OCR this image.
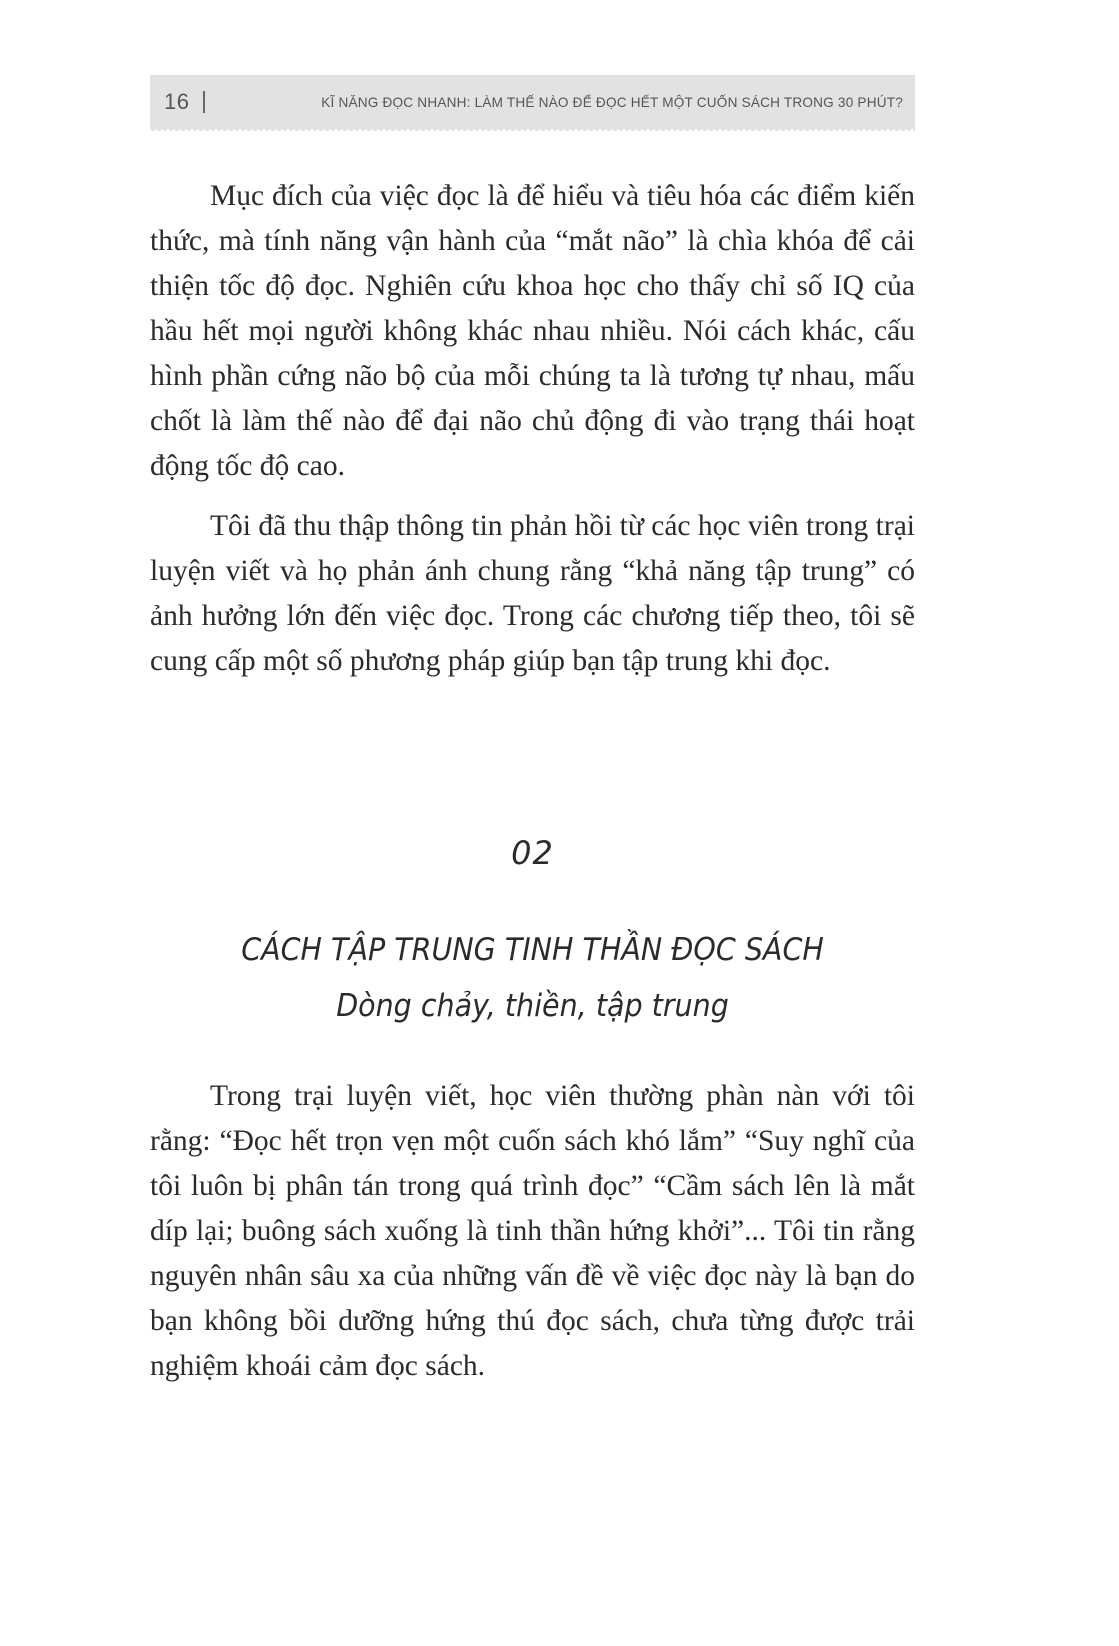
16	KĨ NĂNG ĐỌC NHANH: LÀM THẾ NÀO ĐỂ ĐỌC HẾT MỘT CUỐN SÁCH TRONG 30 PHÚT?

Mục đích của việc đọc là để hiểu và tiêu hóa các điểm kiến thức, mà tính năng vận hành của “mắt não” là chìa khóa để cải thiện tốc độ đọc. Nghiên cứu khoa học cho thấy chỉ số IQ của hầu hết mọi người không khác nhau nhiều. Nói cách khác, cấu hình phần cứng não bộ của mỗi chúng ta là tương tự nhau, mấu chốt là làm thế nào để đại não chủ động đi vào trạng thái hoạt động tốc độ cao.

Tôi đã thu thập thông tin phản hồi từ các học viên trong trại luyện viết và họ phản ánh chung rằng “khả năng tập trung” có ảnh hưởng lớn đến việc đọc. Trong các chương tiếp theo, tôi sẽ cung cấp một số phương pháp giúp bạn tập trung khi đọc.

02
CÁCH TẬP TRUNG TINH THẦN ĐỌC SÁCH
Dòng chảy, thiền, tập trung

Trong trại luyện viết, học viên thường phàn nàn với tôi rằng: “Đọc hết trọn vẹn một cuốn sách khó lắm” “Suy nghĩ của tôi luôn bị phân tán trong quá trình đọc” “Cầm sách lên là mắt díp lại; buông sách xuống là tinh thần hứng khởi”... Tôi tin rằng nguyên nhân sâu xa của những vấn đề về việc đọc này là bạn do bạn không bồi dưỡng hứng thú đọc sách, chưa từng được trải nghiệm khoái cảm đọc sách.
